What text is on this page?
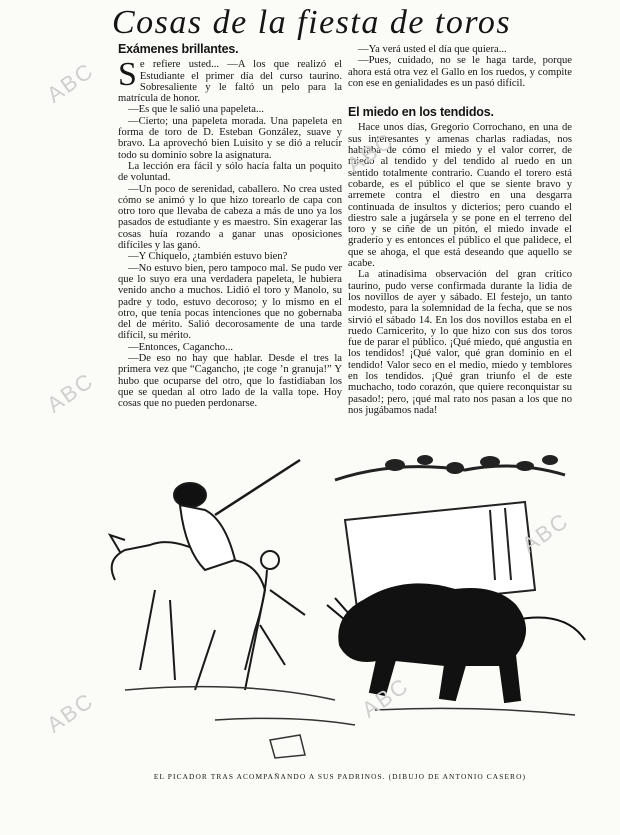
Cosas de la fiesta de toros
Exámenes brillantes.

Se refiere usted... —A los que realizó el Estudiante el primer día del curso taurino. Sobresaliente y le faltó un pelo para la matrícula de honor.

—Es que le salió una papeleta...

—Cierto; una papeleta morada. Una papeleta en forma de toro de D. Esteban González, suave y bravo. La aprovechó bien Luisito y se dió a relucir todo su dominio sobre la asignatura.

La lección era fácil y sólo hacía falta un poquito de voluntad.

—Un poco de serenidad, caballero. No crea usted cómo se animó y lo que hizo torearlo de capa con otro toro que llevaba de cabeza a más de uno ya los pasados de estudiante y es maestro. Sin exagerar las cosas huía rozando a ganar unas oposiciones difíciles y las ganó.

—Y Chiquelo, ¿también estuvo bien?

—No estuvo bien, pero tampoco mal. Se pudo ver que lo suyo era una verdadera papeleta, le hubiera venido ancho a muchos. Lidió el toro y Manolo, su padre y todo, estuvo decoroso; y lo mismo en el otro, que tenía pocas intenciones que no gobernaba del de mérito. Salió decorosamente de una tarde difícil, su mérito.

—Entonces, Cagancho...

—De eso no hay que hablar. Desde el tres la primera vez que “Cagancho, ¡te coge ’n granuja!” Y hubo que ocuparse del otro, que lo fastidiaban los que se quedan al otro lado de la valla tope. Hoy cosas que no pueden perdonarse.

—Ya verá usted el día que quiera...

—Pues, cuidado, no se le haga tarde, porque ahora está otra vez el Gallo en los ruedos, y compite con ese en genialidades es un pasó difícil.

El miedo en los tendidos.

Hace unos días, Gregorio Corrochano, en una de sus interesantes y amenas charlas radiadas, nos hablaba de cómo el miedo y el valor correr, de miedo al tendido y del tendido al ruedo en un sentido totalmente contrario. Cuando el torero está cobarde, es el público el que se siente bravo y arremete contra el diestro en una desgarra continuada de insultos y dicterios; pero cuando el diestro sale a jugársela y se pone en el terreno del toro y se ciñe de un pitón, el miedo invade el graderío y es entonces el público el que palidece, el que se ahoga, el que está deseando que aquello se acabe.

La atinadísima observación del gran crítico taurino, pudo verse confirmada durante la lidia de los novillos de ayer y sábado. El festejo, un tanto modesto, para la solemnidad de la fecha, que se nos sirvió el sábado 14. En los dos novillos estaba en el ruedo Carnicerito, y lo que hizo con sus dos toros fue de parar el público. ¡Qué miedo, qué angustia en los tendidos! ¡Qué valor, qué gran dominio en el tendido! Valor seco en el medio, miedo y temblores en los tendidos. ¡Qué gran triunfo el de este muchacho, todo corazón, que quiere reconquistar su pasado!; pero, ¡qué mal rato nos pasan a los que no nos jugábamos nada!

EL PICADOR TRAS ACOMPAÑANDO A SUS PADRINOS. (DIBUJO DE ANTONIO CASERO)
ABC
ABC
ABC
ABC
ABC	ABC
